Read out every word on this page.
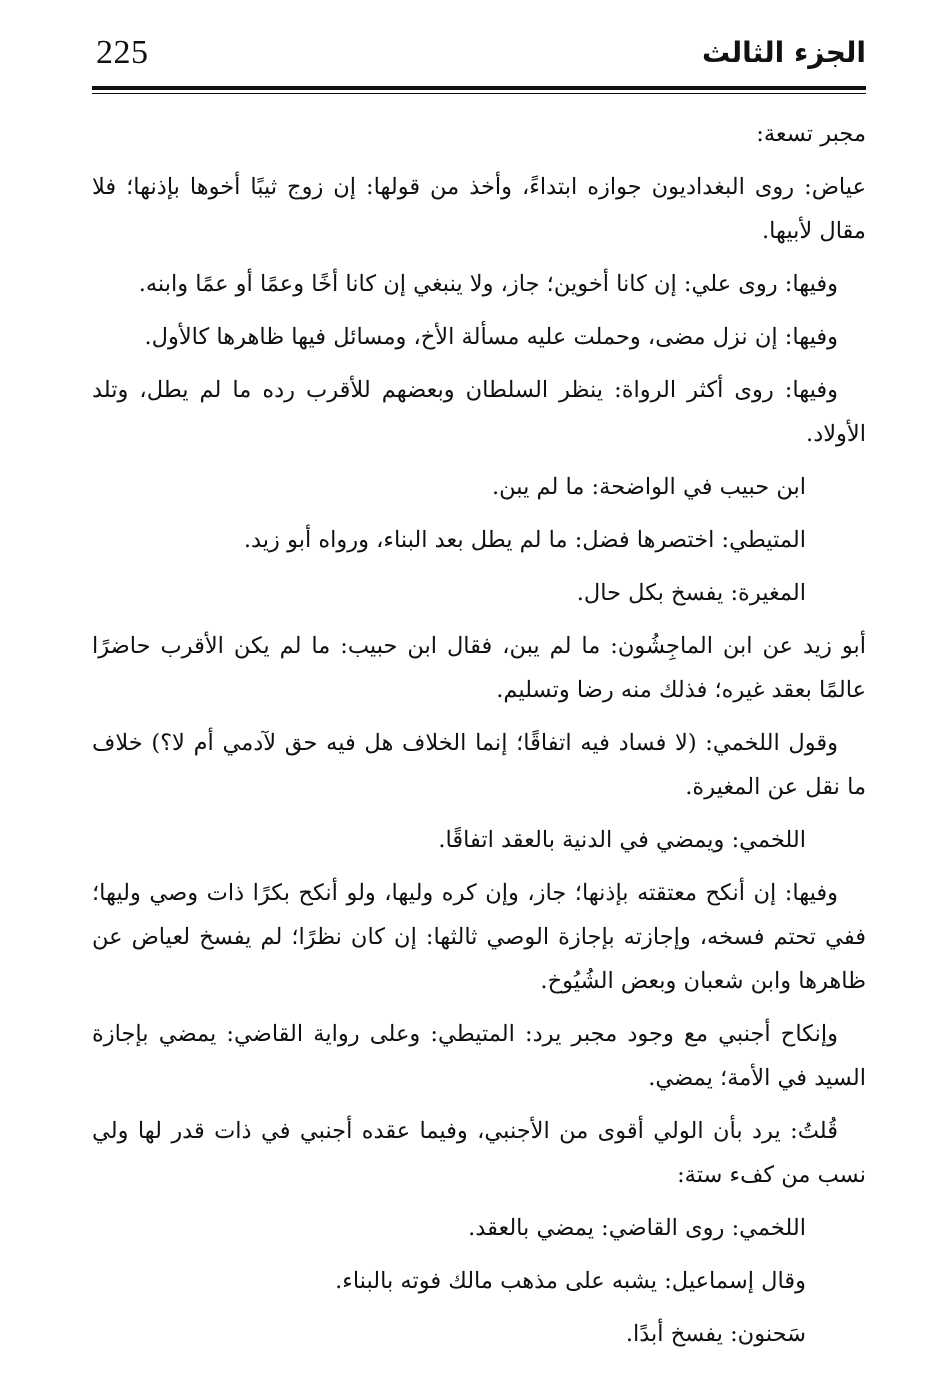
225	الجزء الثالث

مجبر تسعة:

عياض: روى البغداديون جوازه ابتداءً، وأخذ من قولها: إن زوج ثيبًا أخوها بإذنها؛ فلا مقال لأبيها.

وفيها: روى علي: إن كانا أخوين؛ جاز، ولا ينبغي إن كانا أخًا وعمًا أو عمًا وابنه.

وفيها: إن نزل مضى، وحملت عليه مسألة الأخ، ومسائل فيها ظاهرها كالأول.

وفيها: روى أكثر الرواة: ينظر السلطان وبعضهم للأقرب رده ما لم يطل، وتلد الأولاد.

ابن حبيب في الواضحة: ما لم يبن.

المتيطي: اختصرها فضل: ما لم يطل بعد البناء، ورواه أبو زيد.

المغيرة: يفسخ بكل حال.

أبو زيد عن ابن الماجِشُون: ما لم يبن، فقال ابن حبيب: ما لم يكن الأقرب حاضرًا عالمًا بعقد غيره؛ فذلك منه رضا وتسليم.

وقول اللخمي: (لا فساد فيه اتفاقًا؛ إنما الخلاف هل فيه حق لآدمي أم لا؟) خلاف ما نقل عن المغيرة.

اللخمي: ويمضي في الدنية بالعقد اتفاقًا.

وفيها: إن أنكح معتقته بإذنها؛ جاز، وإن كره وليها، ولو أنكح بكرًا ذات وصي وليها؛ ففي تحتم فسخه، وإجازته بإجازة الوصي ثالثها: إن كان نظرًا؛ لم يفسخ لعياض عن ظاهرها وابن شعبان وبعض الشُيُوخ.

وإنكاح أجنبي مع وجود مجبر يرد: المتيطي: وعلى رواية القاضي: يمضي بإجازة السيد في الأمة؛ يمضي.

قُلتُ: يرد بأن الولي أقوى من الأجنبي، وفيما عقده أجنبي في ذات قدر لها ولي نسب من كفء ستة:

اللخمي: روى القاضي: يمضي بالعقد.

وقال إسماعيل: يشبه على مذهب مالك فوته بالبناء.

سَحنون: يفسخ أبدًا.
